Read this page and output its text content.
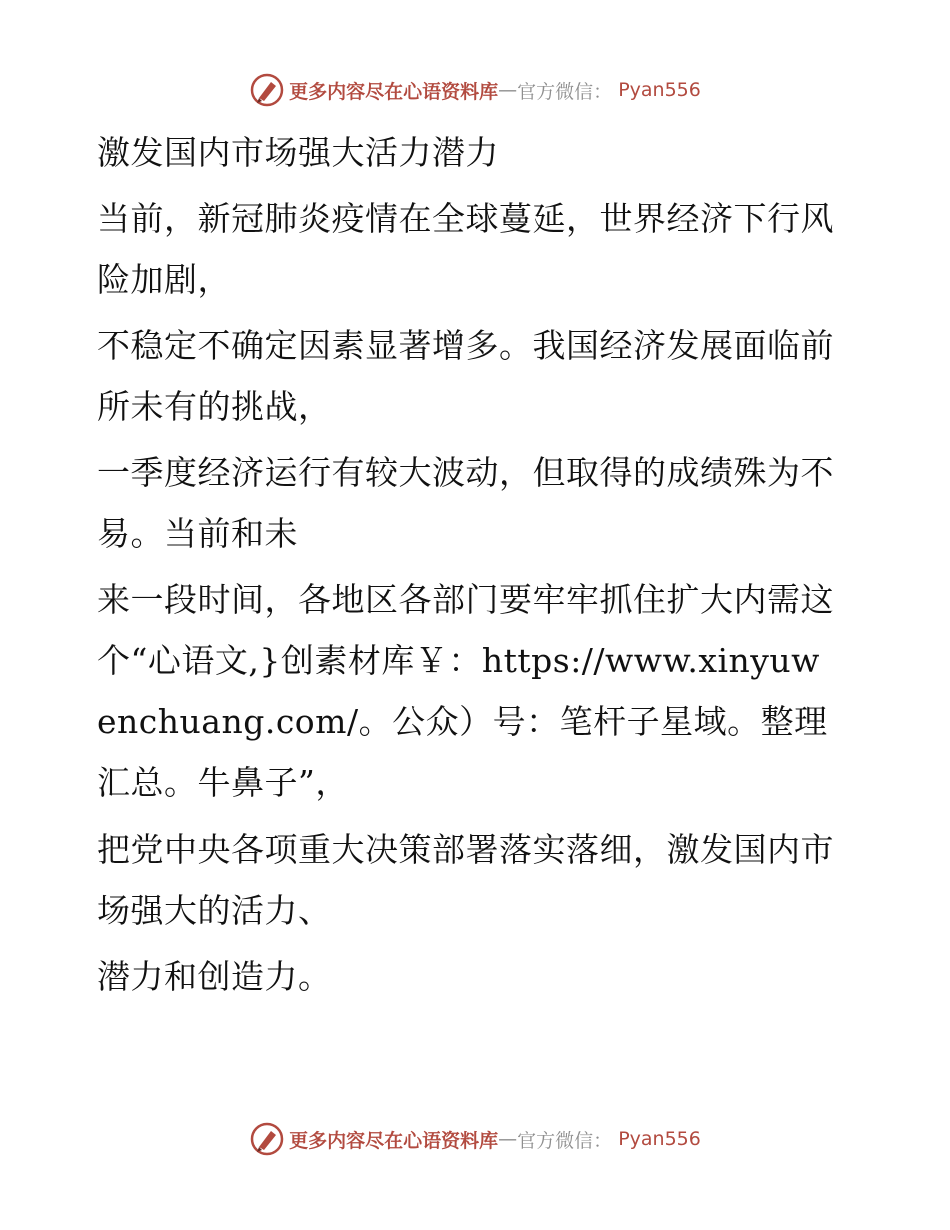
更多内容尽在心语资料库 — 官方微信： Pyan556

激发国内市场强大活力潜力

当前，新冠肺炎疫情在全球蔓延，世界经济下行风险加剧，

不稳定不确定因素显著增多。我国经济发展面临前所未有的挑战，

一季度经济运行有较大波动，但取得的成绩殊为不易。当前和未

来一段时间，各地区各部门要牢牢抓住扩大内需这个“心语文,}创素材库￥：https://www.xinyuwenchuang.com/。公众）号：笔杆子星域。整理汇总。牛鼻子”，

把党中央各项重大决策部署落实落细，激发国内市场强大的活力、

潜力和创造力。

更多内容尽在心语资料库 — 官方微信： Pyan556
